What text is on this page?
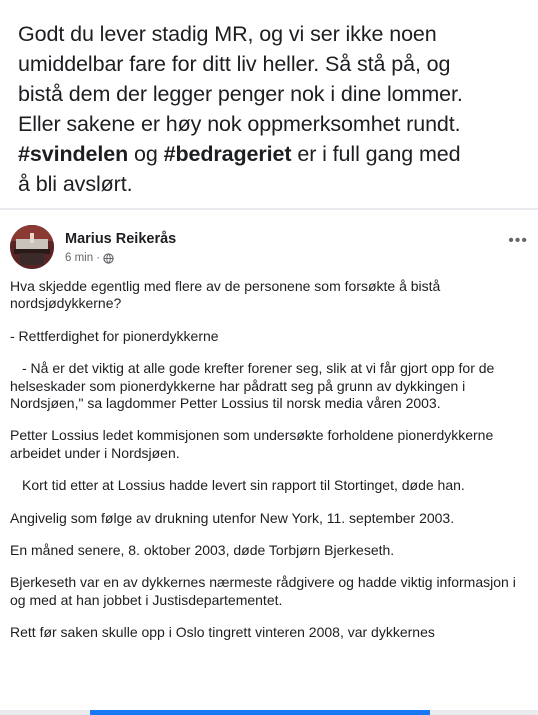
Godt du lever stadig MR, og vi ser ikke noen
umiddelbar fare for ditt liv heller. Så stå på, og
bistå dem der legger penger nok i dine lommer.
Eller sakene er høy nok oppmerksomhet rundt.
#svindelen og #bedrageriet er i full gang med
å bli avslørt.
Marius Reikerås
6 min ·
•••

Hva skjedde egentlig med flere av de personene som forsøkte å bistå nordsjødykkerne?

- Rettferdighet for pionerdykkerne

- Nå er det viktig at alle gode krefter forener seg, slik at vi får gjort opp for de helseskader som pionerdykkerne har pådratt seg på grunn av dykkingen i Nordsjøen," sa lagdommer Petter Lossius til norsk media våren 2003.

Petter Lossius ledet kommisjonen som undersøkte forholdene pionerdykkerne arbeidet under i Nordsjøen.

Kort tid etter at Lossius hadde levert sin rapport til Stortinget, døde han.

Angivelig som følge av drukning utenfor New York, 11. september 2003.

En måned senere, 8. oktober 2003, døde Torbjørn Bjerkeseth.

Bjerkeseth var en av dykkernes nærmeste rådgivere og hadde viktig informasjon i og med at han jobbet i Justisdepartementet.

Rett før saken skulle opp i Oslo tingrett vinteren 2008, var dykkernes
